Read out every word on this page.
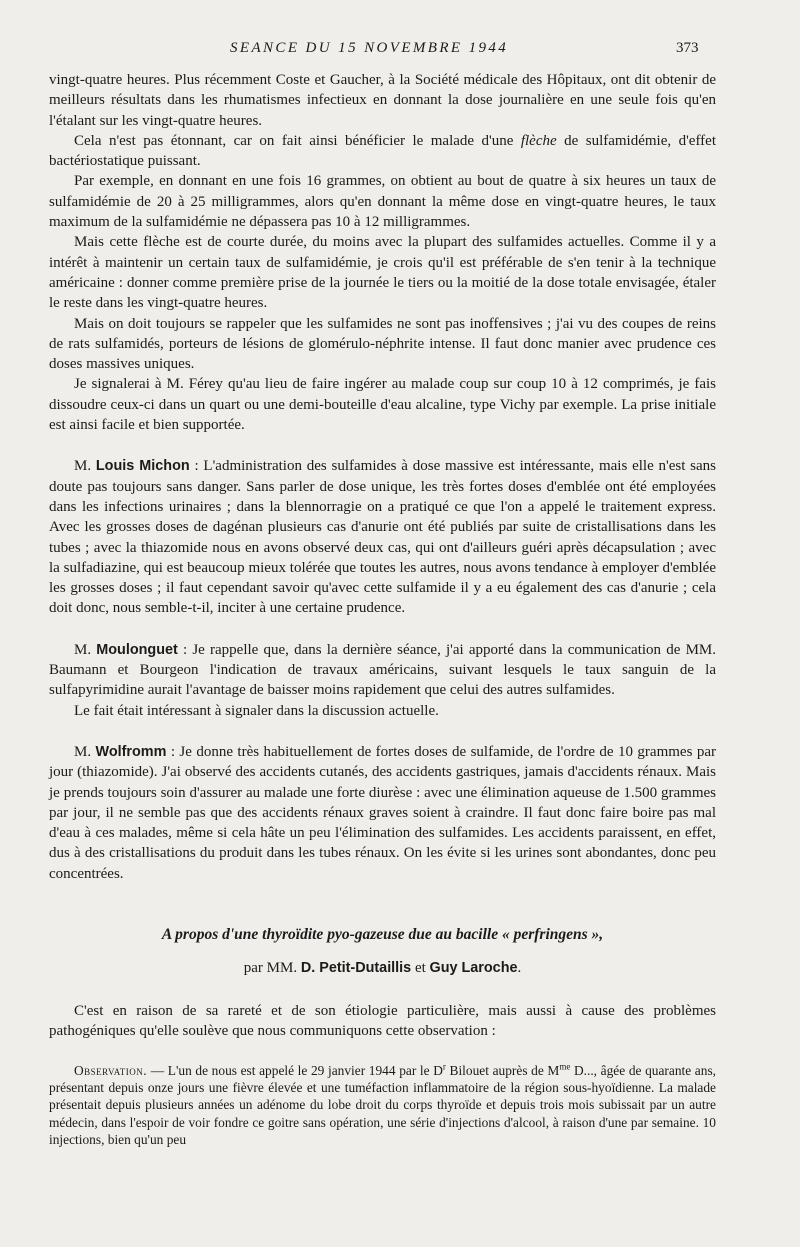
SEANCE DU 15 NOVEMBRE 1944	373

vingt-quatre heures. Plus récemment Coste et Gaucher, à la Société médicale des Hôpitaux, ont dit obtenir de meilleurs résultats dans les rhumatismes infectieux en donnant la dose journalière en une seule fois qu'en l'étalant sur les vingt-quatre heures.

Cela n'est pas étonnant, car on fait ainsi bénéficier le malade d'une flèche de sulfamidémie, d'effet bactériostatique puissant.

Par exemple, en donnant en une fois 16 grammes, on obtient au bout de quatre à six heures un taux de sulfamidémie de 20 à 25 milligrammes, alors qu'en donnant la même dose en vingt-quatre heures, le taux maximum de la sulfamidémie ne dépassera pas 10 à 12 milligrammes.

Mais cette flèche est de courte durée, du moins avec la plupart des sulfamides actuelles. Comme il y a intérêt à maintenir un certain taux de sulfamidémie, je crois qu'il est préférable de s'en tenir à la technique américaine : donner comme première prise de la journée le tiers ou la moitié de la dose totale envisagée, étaler le reste dans les vingt-quatre heures.

Mais on doit toujours se rappeler que les sulfamides ne sont pas inoffensives ; j'ai vu des coupes de reins de rats sulfamidés, porteurs de lésions de glomérulo-néphrite intense. Il faut donc manier avec prudence ces doses massives uniques.

Je signalerai à M. Férey qu'au lieu de faire ingérer au malade coup sur coup 10 à 12 comprimés, je fais dissoudre ceux-ci dans un quart ou une demi-bouteille d'eau alcaline, type Vichy par exemple. La prise initiale est ainsi facile et bien supportée.

M. Louis Michon : L'administration des sulfamides à dose massive est intéressante, mais elle n'est sans doute pas toujours sans danger. Sans parler de dose unique, les très fortes doses d'emblée ont été employées dans les infections urinaires ; dans la blennorragie on a pratiqué ce que l'on a appelé le traitement express. Avec les grosses doses de dagénan plusieurs cas d'anurie ont été publiés par suite de cristallisations dans les tubes ; avec la thiazomide nous en avons observé deux cas, qui ont d'ailleurs guéri après décapsulation ; avec la sulfadiazine, qui est beaucoup mieux tolérée que toutes les autres, nous avons tendance à employer d'emblée les grosses doses ; il faut cependant savoir qu'avec cette sulfamide il y a eu également des cas d'anurie ; cela doit donc, nous semble-t-il, inciter à une certaine prudence.

M. Moulonguet : Je rappelle que, dans la dernière séance, j'ai apporté dans la communication de MM. Baumann et Bourgeon l'indication de travaux américains, suivant lesquels le taux sanguin de la sulfapyrimidine aurait l'avantage de baisser moins rapidement que celui des autres sulfamides.

Le fait était intéressant à signaler dans la discussion actuelle.

M. Wolfromm : Je donne très habituellement de fortes doses de sulfamide, de l'ordre de 10 grammes par jour (thiazomide). J'ai observé des accidents cutanés, des accidents gastriques, jamais d'accidents rénaux. Mais je prends toujours soin d'assurer au malade une forte diurèse : avec une élimination aqueuse de 1.500 grammes par jour, il ne semble pas que des accidents rénaux graves soient à craindre. Il faut donc faire boire pas mal d'eau à ces malades, même si cela hâte un peu l'élimination des sulfamides. Les accidents paraissent, en effet, dus à des cristallisations du produit dans les tubes rénaux. On les évite si les urines sont abondantes, donc peu concentrées.

A propos d'une thyroïdite pyo-gazeuse due au bacille « perfringens »,
par MM. D. Petit-Dutaillis et Guy Laroche.

C'est en raison de sa rareté et de son étiologie particulière, mais aussi à cause des problèmes pathogéniques qu'elle soulève que nous communiquons cette observation :

Observation. — L'un de nous est appelé le 29 janvier 1944 par le $D^r$ Bilouet auprès de $M^{me}$ D..., âgée de quarante ans, présentant depuis onze jours une fièvre élevée et une tuméfaction inflammatoire de la région sous-hyoïdienne. La malade présentait depuis plusieurs années un adénome du lobe droit du corps thyroïde et depuis trois mois subissait par un autre médecin, dans l'espoir de voir fondre ce goitre sans opération, une série d'injections d'alcool, à raison d'une par semaine. 10 injections, bien qu'un peu
